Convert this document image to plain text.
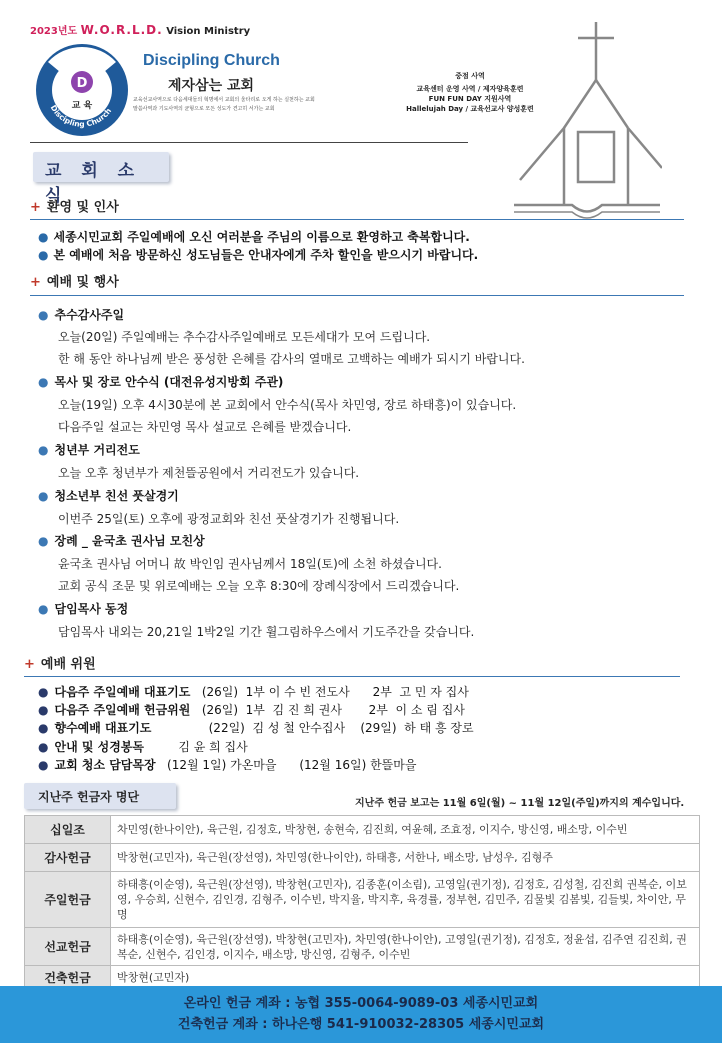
2023년도 W.O.R.L.D. Vision Ministry
D
교 육
Discipling Church
Discipling Church
제자삼는 교회
교육선교사역으로 다음세대들의 혁명에서 교회의 울타리로 오게 하는 실천하는 교회
말씀사역과 기도사역의 균형으로 모든 성도가 견고히 서가는 교회
중점 사역
교육센터 운영 사역 / 제자양육훈련
FUN FUN DAY 지원사역
Hallelujah Day / 교육선교사 양성훈련
교 회 소 식
+ 환영 및 인사
● 세종시민교회 주일예배에 오신 여러분을 주님의 이름으로 환영하고 축복합니다.
● 본 예배에 처음 방문하신 성도님들은 안내자에게 주차 할인을 받으시기 바랍니다.
+ 예배 및 행사
● 추수감사주일
오늘(20일) 주일예배는 추수감사주일예배로 모든세대가 모여 드립니다.
한 해 동안 하나님께 받은 풍성한 은혜를 감사의 열매로 고백하는 예배가 되시기 바랍니다.
● 목사 및 장로 안수식 (대전유성지방회 주관)
오늘(19일) 오후 4시30분에 본 교회에서 안수식(목사 차민영, 장로 하태흥)이 있습니다.
다음주일 설교는 차민영 목사 설교로 은혜를 받겠습니다.
● 청년부 거리전도
오늘 오후 청년부가 제천뜰공원에서 거리전도가 있습니다.
● 청소년부 친선 풋살경기
이번주 25일(토) 오후에 광정교회와 친선 풋살경기가 진행됩니다.
● 장례 _ 윤국초 권사님 모친상
윤국초 권사님 어머니 故 박인임 권사님께서 18일(토)에 소천 하셨습니다.
교회 공식 조문 및 위로예배는 오늘 오후 8:30에 장례식장에서 드리겠습니다.
● 담임목사 동정
담임목사 내외는 20,21일 1박2일 기간 휠그림하우스에서 기도주간을 갖습니다.
+ 예배 위원
● 다음주 주일예배 대표기도 (26일)  1부 이 수 빈 전도사      2부  고 민 자 집사
● 다음주 주일예배 헌금위원 (26일)  1부  김 진 희 권사       2부  이 소 림 집사
● 향수예배 대표기도               (22일)  김 성 철 안수집사    (29일)  하 태 흥 장로
● 안내 및 성경봉독         김 윤 희 집사
● 교회 청소 담담목장   (12월 1일) 가온마을      (12월 16일) 한뜰마을
지난주 헌금자 명단	지난주 헌금 보고는 11월 6일(월) ~ 11월 12일(주일)까지의 계수입니다.
십일조	차민영(한나이안), 육근원, 김정호, 박창현, 송현숙, 김진희, 여윤혜, 조효정, 이지수, 방신영, 배소망, 이수빈
감사헌금	박창현(고민자), 육근원(장선영), 차민영(한나이안), 하태흥, 서한나, 배소망, 남성우, 김형주
주일헌금	하태흥(이순영), 육근원(장선영), 박창현(고민자), 김종훈(이소림), 고영일(권기정), 김정호, 김성철, 김진희 권복순, 이보영, 우승희, 신현수, 김인경, 김형주, 이수빈, 박지율, 박지후, 육경률, 정부현, 김민주, 김물빛 김봄빛, 김들빛, 차이안, 무명
선교헌금	하태흥(이순영), 육근원(장선영), 박창현(고민자), 차민영(한나이안), 고영일(권기정), 김정호, 정윤섭, 김주연 김진희, 권복순, 신현수, 김인경, 이지수, 배소망, 방신영, 김형주, 이수빈
건축헌금	박창현(고민자)
온라인 헌금 계좌 : 농협 355-0064-9089-03 세종시민교회
건축헌금 계좌 : 하나은행 541-910032-28305 세종시민교회
